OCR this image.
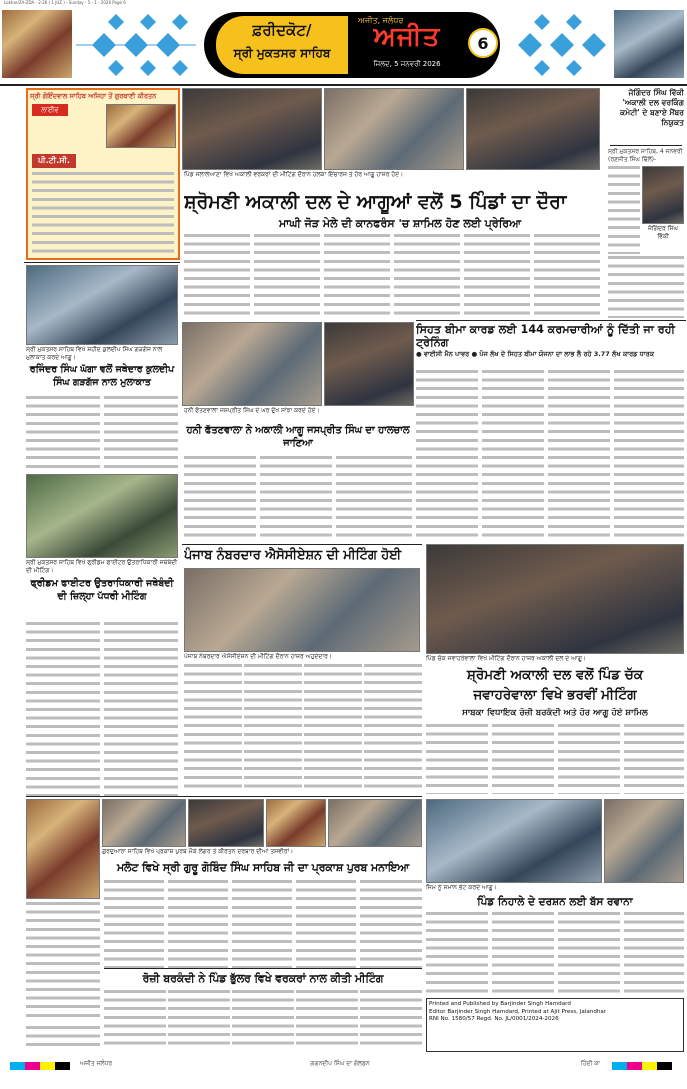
Lokhar/ZA-ZDA - 2-26 ( 1 JUZ ) - Sunday - 5 - 1 - 2026 Page 6
ਫ਼ਰੀਦਕੋਟ/
ਸ੍ਰੀ ਮੁਕਤਸਰ ਸਾਹਿਬ
ਅਜੀਤ, ਜਲੰਧਰ
ਅਜੀਤ
ਜਿਲਦ, 5 ਜਨਵਰੀ 2026
6
ਸ੍ਰੀ ਗੋਇੰਦਵਾਲ ਸਾਹਿਬ ਅਜਿਹਾ ਤੋਂ ਗੁਰਬਾਣੀ ਕੀਰਤਨ
ਲਾਈਵ
ਪੀ.ਟੀ.ਸੀ.
ਪਿੰਡ ਜਲਾਲੇਆਣਾ ਵਿਖੇ ਅਕਾਲੀ ਵਰਕਰਾਂ ਦੀ ਮੀਟਿੰਗ ਦੌਰਾਨ ਹਲਕਾ ਇੰਚਾਰਜ ਤੇ ਹੋਰ ਆਗੂ ਹਾਜ਼ਰ ਹੋਏ।
ਜੋਗਿੰਦਰ ਸਿੰਘ ਵਿੱਕੀ 'ਅਕਾਲੀ ਦਲ ਵਰਕਿੰਗ ਕਮੇਟੀ' ਦੇ ਬਣਾਏ ਮੈਂਬਰ ਨਿਯੁਕਤ
ਸ੍ਰੀ ਮੁਕਤਸਰ ਸਾਹਿਬ, 4 ਜਨਵਰੀ (ਰਣਜੀਤ ਸਿੰਘ ਢਿੱਲੋਂ)-
ਜੋਗਿੰਦਰ ਸਿੰਘ ਵਿੱਕੀ
ਸ਼੍ਰੋਮਣੀ ਅਕਾਲੀ ਦਲ ਦੇ ਆਗੂਆਂ ਵਲੋਂ 5 ਪਿੰਡਾਂ ਦਾ ਦੌਰਾ
ਮਾਘੀ ਜੋੜ ਮੇਲੇ ਦੀ ਕਾਨਫਰੰਸ 'ਚ ਸ਼ਾਮਿਲ ਹੋਣ ਲਈ ਪ੍ਰੇਰਿਆ
ਸ੍ਰੀ ਮੁਕਤਸਰ ਸਾਹਿਬ ਵਿਖੇ ਸ਼ਹੀਦ ਕੁਲਦੀਪ ਸਿੰਘ ਗੜਗੱਜ ਨਾਲ ਮੁਲਾਕਾਤ ਕਰਦੇ ਆਗੂ।
ਰਜਿੰਦਰ ਸਿੰਘ ਘੱਗਾ ਵਲੋਂ ਜਥੇਦਾਰ ਕੁਲਦੀਪ ਸਿੰਘ ਗੜਗੱਜ ਨਾਲ ਮੁਲਾਕਾਤ
ਹਨੀ ਫੱਤਣਵਾਲਾ ਜਸਪ੍ਰੀਤ ਸਿੰਘ ਦੇ ਘਰ ਦੁੱਖ ਸਾਂਝਾ ਕਰਦੇ ਹੋਏ।
ਹਨੀ ਫੱਤਣਵਾਲਾ ਨੇ ਅਕਾਲੀ ਆਗੂ ਜਸਪ੍ਰੀਤ ਸਿੰਘ ਦਾ ਹਾਲਚਾਲ ਜਾਣਿਆ
ਸਿਹਤ ਬੀਮਾ ਕਾਰਡ ਲਈ 144 ਕਰਮਚਾਰੀਆਂ ਨੂੰ ਦਿੱਤੀ ਜਾ ਰਹੀ ਟ੍ਰੇਨਿੰਗ
● ਵਾਈਸੀ ਮੈਨ ਪਾਵਰ ● ਪੰਜ ਲੱਖ ਦੇ ਸਿਹਤ ਬੀਮਾ ਯੋਜਨਾ ਦਾ ਲਾਭ ਲੈ ਰਹੇ 3.77 ਲੱਖ ਕਾਰਡ ਧਾਰਕ
ਸ੍ਰੀ ਮੁਕਤਸਰ ਸਾਹਿਬ ਵਿਖੇ ਫ੍ਰੀਡਮ ਫਾਈਟਰ ਉਤਰਾਧਿਕਾਰੀ ਜਥੇਬੰਦੀ ਦੀ ਮੀਟਿੰਗ।
ਫ੍ਰੀਡਮ ਫਾਈਟਰ ਉਤਰਾਧਿਕਾਰੀ ਜਥੇਬੰਦੀ ਦੀ ਜ਼ਿਲ੍ਹਾ ਪੱਧਰੀ ਮੀਟਿੰਗ
ਪੰਜਾਬ ਨੰਬਰਦਾਰ ਐਸੋਸੀਏਸ਼ਨ ਦੀ ਮੀਟਿੰਗ ਹੋਈ
ਪੰਜਾਬ ਨੰਬਰਦਾਰ ਐਸੋਸੀਏਸ਼ਨ ਦੀ ਮੀਟਿੰਗ ਦੌਰਾਨ ਹਾਜ਼ਰ ਅਹੁਦੇਦਾਰ।	ਪਿੰਡ ਚੱਕ ਜਵਾਹਰੇਵਾਲਾ ਵਿਖੇ ਮੀਟਿੰਗ ਦੌਰਾਨ ਹਾਜ਼ਰ ਅਕਾਲੀ ਦਲ ਦੇ ਆਗੂ।
ਸ਼੍ਰੋਮਣੀ ਅਕਾਲੀ ਦਲ ਵਲੋਂ ਪਿੰਡ ਚੱਕ
ਜਵਾਹਰੇਵਾਲਾ ਵਿਖੇ ਭਰਵੀਂ ਮੀਟਿੰਗ
ਸਾਬਕਾ ਵਿਧਾਇਕ ਰੋਜ਼ੀ ਬਰਕੰਦੀ ਅਤੇ ਹੋਰ ਆਗੂ ਹੋਏ ਸ਼ਾਮਿਲ
ਗੁਰਦੁਆਰਾ ਸਾਹਿਬ ਵਿਖੇ ਪ੍ਰਕਾਸ਼ ਪੁਰਬ ਮੌਕੇ ਲੰਗਰ ਤੇ ਕੀਰਤਨ ਦਰਬਾਰ ਦੀਆਂ ਤਸਵੀਰਾਂ।
ਮਲੋਟ ਵਿਖੇ ਸ੍ਰੀ ਗੁਰੂ ਗੋਬਿੰਦ ਸਿੰਘ ਸਾਹਿਬ ਜੀ ਦਾ ਪ੍ਰਕਾਸ਼ ਪੁਰਬ ਮਨਾਇਆ
ਜਿਮ ਨੂੰ ਸਮਾਨ ਭੇਟ ਕਰਦੇ ਆਗੂ।
ਪਿੰਡ ਨਿਹਾਲੇ ਦੇ ਦਰਸ਼ਨ ਲਈ ਬੱਸ ਰਵਾਨਾ
ਰੋਜ਼ੀ ਬਰਕੰਦੀ ਨੇ ਪਿੰਡ ਭੁੱਲਰ ਵਿਖੇ ਵਰਕਰਾਂ ਨਾਲ ਕੀਤੀ ਮੀਟਿੰਗ
Printed and Published by Barjinder Singh Hamdard
Editor Barjinder Singh Hamdard, Printed at Ajit Press, Jalandhar
RNI No. 1580/57 Regd. No. JL/0001/2024-2026
ਅਜੀਤ ਜਲੰਧਰ	ਗਗਨਦੀਪ ਸਿੰਘ ਦਾ ਗੋਲਡਨ	ਹਿੰਦੀ ਕਾ
